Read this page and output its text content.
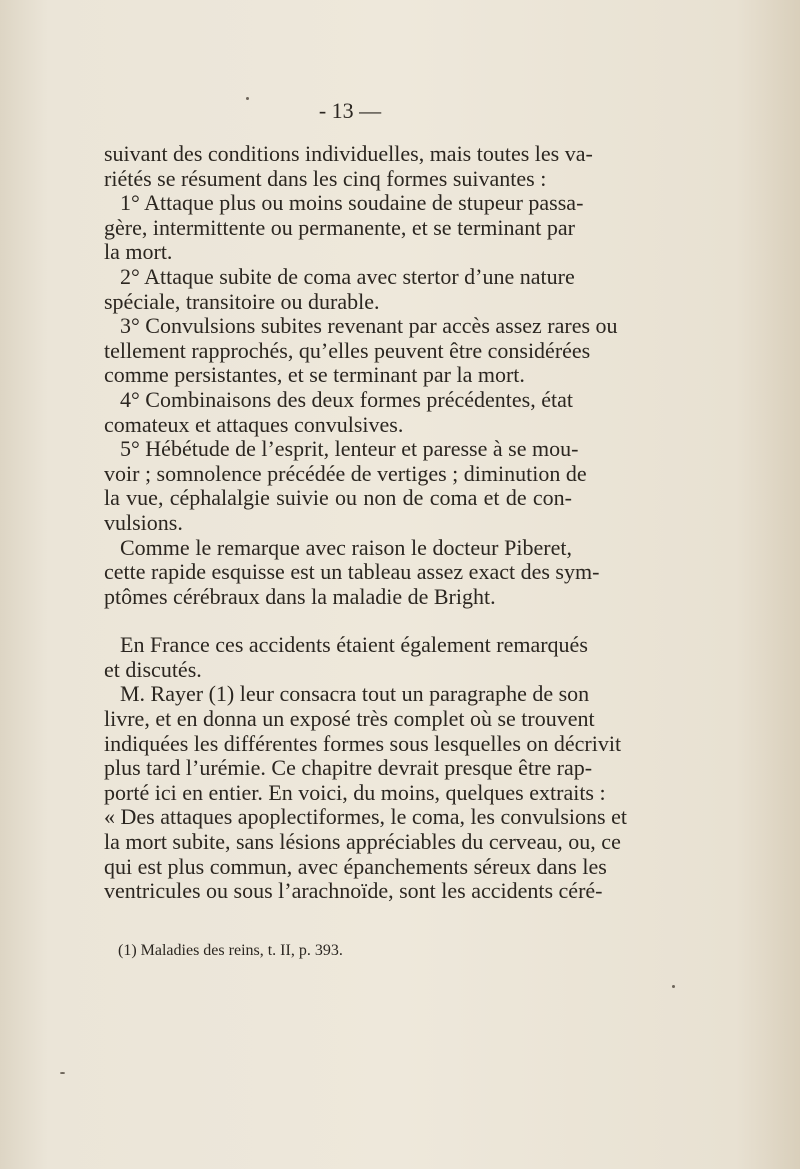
- 13 —
suivant des conditions individuelles, mais toutes les va-
riétés se résument dans les cinq formes suivantes :
1° Attaque plus ou moins soudaine de stupeur passa-
gère, intermittente ou permanente, et se terminant par
la mort.
2° Attaque subite de coma avec stertor d’une nature
spéciale, transitoire ou durable.
3° Convulsions subites revenant par accès assez rares ou
tellement rapprochés, qu’elles peuvent être considérées
comme persistantes, et se terminant par la mort.
4° Combinaisons des deux formes précédentes, état
comateux et attaques convulsives.
5° Hébétude de l’esprit, lenteur et paresse à se mou-
voir ; somnolence précédée de vertiges ; diminution de
la vue, céphalalgie suivie ou non de coma et de con-
vulsions.
Comme le remarque avec raison le docteur Piberet,
cette rapide esquisse est un tableau assez exact des sym-
ptômes cérébraux dans la maladie de Bright.
En France ces accidents étaient également remarqués
et discutés.
M. Rayer (1) leur consacra tout un paragraphe de son
livre, et en donna un exposé très complet où se trouvent
indiquées les différentes formes sous lesquelles on décrivit
plus tard l’urémie. Ce chapitre devrait presque être rap-
porté ici en entier. En voici, du moins, quelques extraits :
« Des attaques apoplectiformes, le coma, les convulsions et
la mort subite, sans lésions appréciables du cerveau, ou, ce
qui est plus commun, avec épanchements séreux dans les
ventricules ou sous l’arachnoïde, sont les accidents céré-
(1) Maladies des reins, t. II, p. 393.
